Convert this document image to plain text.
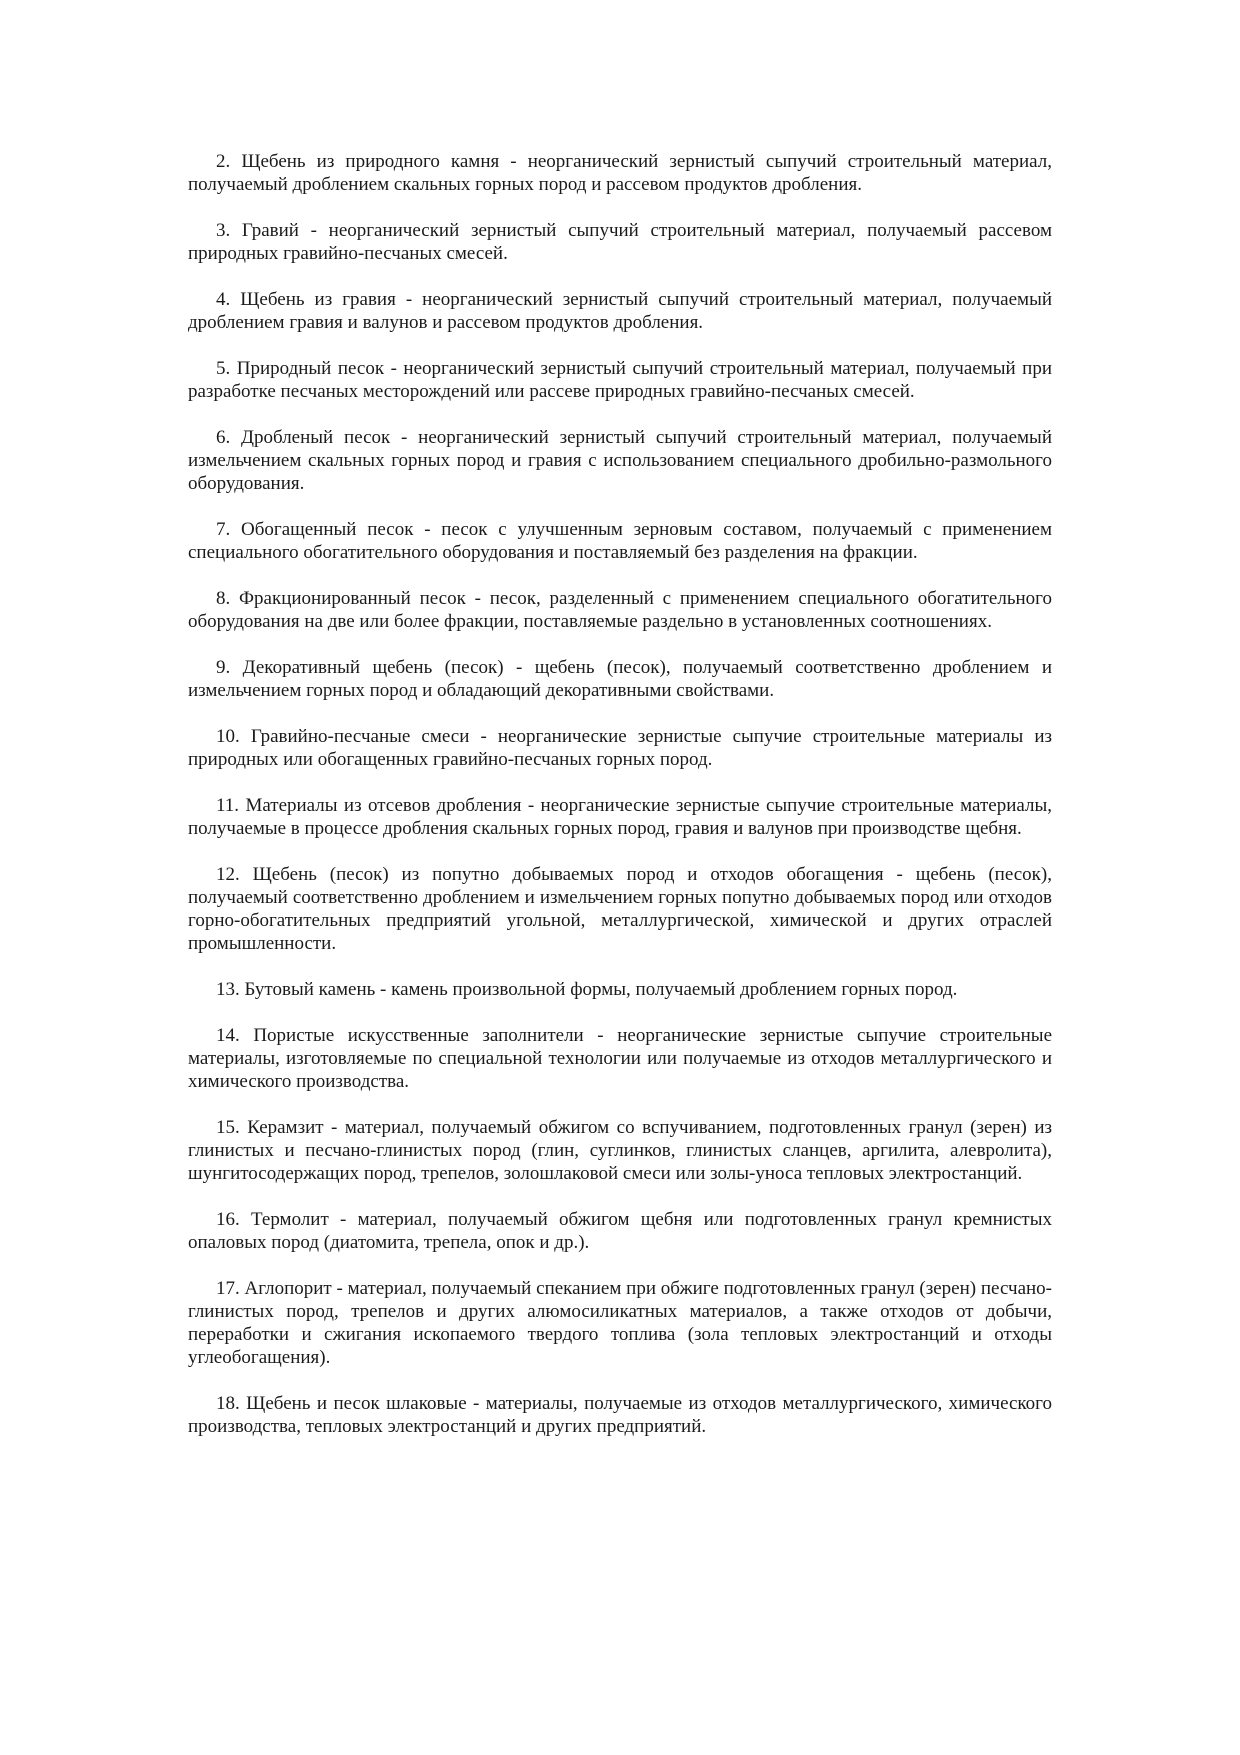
2. Щебень из природного камня - неорганический зернистый сыпучий строительный материал, получаемый дроблением скальных горных пород и рассевом продуктов дробления.

3. Гравий - неорганический зернистый сыпучий строительный материал, получаемый рассевом природных гравийно-песчаных смесей.

4. Щебень из гравия - неорганический зернистый сыпучий строительный материал, получаемый дроблением гравия и валунов и рассевом продуктов дробления.

5. Природный песок - неорганический зернистый сыпучий строительный материал, получаемый при разработке песчаных месторождений или рассеве природных гравийно-песчаных смесей.

6. Дробленый песок - неорганический зернистый сыпучий строительный материал, получаемый измельчением скальных горных пород и гравия с использованием специального дробильно-размольного оборудования.

7. Обогащенный песок - песок с улучшенным зерновым составом, получаемый с применением специального обогатительного оборудования и поставляемый без разделения на фракции.

8. Фракционированный песок - песок, разделенный с применением специального обогатительного оборудования на две или более фракции, поставляемые раздельно в установленных соотношениях.

9. Декоративный щебень (песок) - щебень (песок), получаемый соответственно дроблением и измельчением горных пород и обладающий декоративными свойствами.

10. Гравийно-песчаные смеси - неорганические зернистые сыпучие строительные материалы из природных или обогащенных гравийно-песчаных горных пород.

11. Материалы из отсевов дробления - неорганические зернистые сыпучие строительные материалы, получаемые в процессе дробления скальных горных пород, гравия и валунов при производстве щебня.

12. Щебень (песок) из попутно добываемых пород и отходов обогащения - щебень (песок), получаемый соответственно дроблением и измельчением горных попутно добываемых пород или отходов горно-обогатительных предприятий угольной, металлургической, химической и других отраслей промышленности.

13. Бутовый камень - камень произвольной формы, получаемый дроблением горных пород.

14. Пористые искусственные заполнители - неорганические зернистые сыпучие строительные материалы, изготовляемые по специальной технологии или получаемые из отходов металлургического и химического производства.

15. Керамзит - материал, получаемый обжигом со вспучиванием, подготовленных гранул (зерен) из глинистых и песчано-глинистых пород (глин, суглинков, глинистых сланцев, аргилита, алевролита), шунгитосодержащих пород, трепелов, золошлаковой смеси или золы-уноса тепловых электростанций.

16. Термолит - материал, получаемый обжигом щебня или подготовленных гранул кремнистых опаловых пород (диатомита, трепела, опок и др.).

17. Аглопорит - материал, получаемый спеканием при обжиге подготовленных гранул (зерен) песчано-глинистых пород, трепелов и других алюмосиликатных материалов, а также отходов от добычи, переработки и сжигания ископаемого твердого топлива (зола тепловых электростанций и отходы углеобогащения).

18. Щебень и песок шлаковые - материалы, получаемые из отходов металлургического, химического производства, тепловых электростанций и других предприятий.
